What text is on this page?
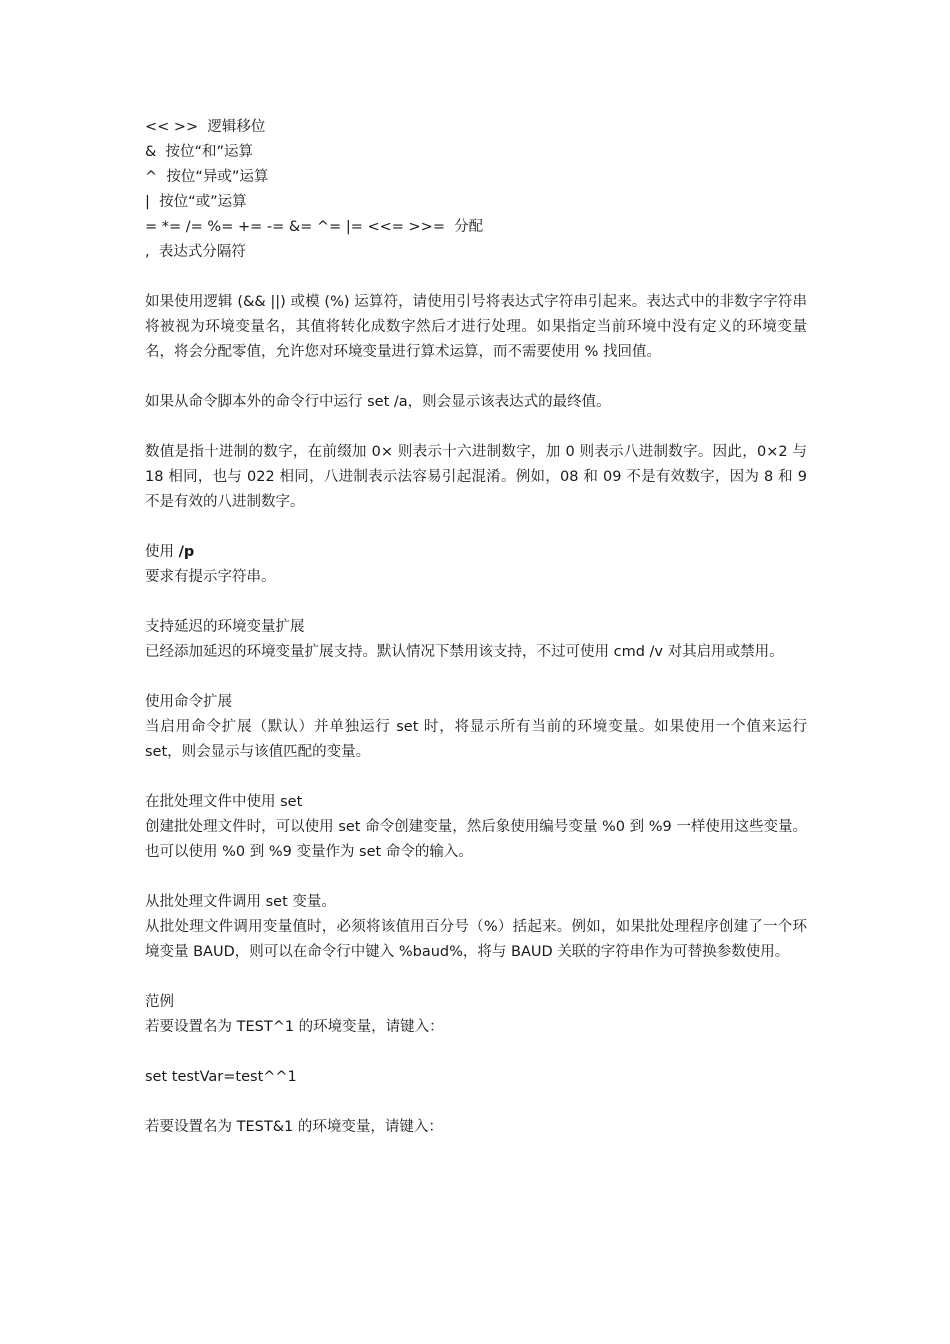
<< >>  逻辑移位
&  按位“和”运算
^  按位“异或”运算
|  按位“或”运算
= *= /= %= += -= &= ^= |= <<= >>=  分配
,  表达式分隔符
如果使用逻辑 (&& ||) 或模 (%) 运算符，请使用引号将表达式字符串引起来。表达式中的非数字字符串将被视为环境变量名，其值将转化成数字然后才进行处理。如果指定当前环境中没有定义的环境变量名，将会分配零值，允许您对环境变量进行算术运算，而不需要使用 % 找回值。
如果从命令脚本外的命令行中运行 set /a，则会显示该表达式的最终值。
数值是指十进制的数字，在前缀加 0× 则表示十六进制数字，加 0 则表示八进制数字。因此，0×2 与 18 相同，也与 022 相同，八进制表示法容易引起混淆。例如，08 和 09 不是有效数字，因为 8 和 9 不是有效的八进制数字。
使用 /p
要求有提示字符串。
支持延迟的环境变量扩展
已经添加延迟的环境变量扩展支持。默认情况下禁用该支持，不过可使用 cmd /v 对其启用或禁用。
使用命令扩展
当启用命令扩展（默认）并单独运行 set 时，将显示所有当前的环境变量。如果使用一个值来运行 set，则会显示与该值匹配的变量。
在批处理文件中使用 set
创建批处理文件时，可以使用 set 命令创建变量，然后象使用编号变量 %0 到 %9 一样使用这些变量。也可以使用 %0 到 %9 变量作为 set 命令的输入。
从批处理文件调用 set 变量。
从批处理文件调用变量值时，必须将该值用百分号（%）括起来。例如，如果批处理程序创建了一个环境变量 BAUD，则可以在命令行中键入 %baud%，将与 BAUD 关联的字符串作为可替换参数使用。
范例
若要设置名为 TEST^1 的环境变量，请键入：
set testVar=test^^1
若要设置名为 TEST&1 的环境变量，请键入：
